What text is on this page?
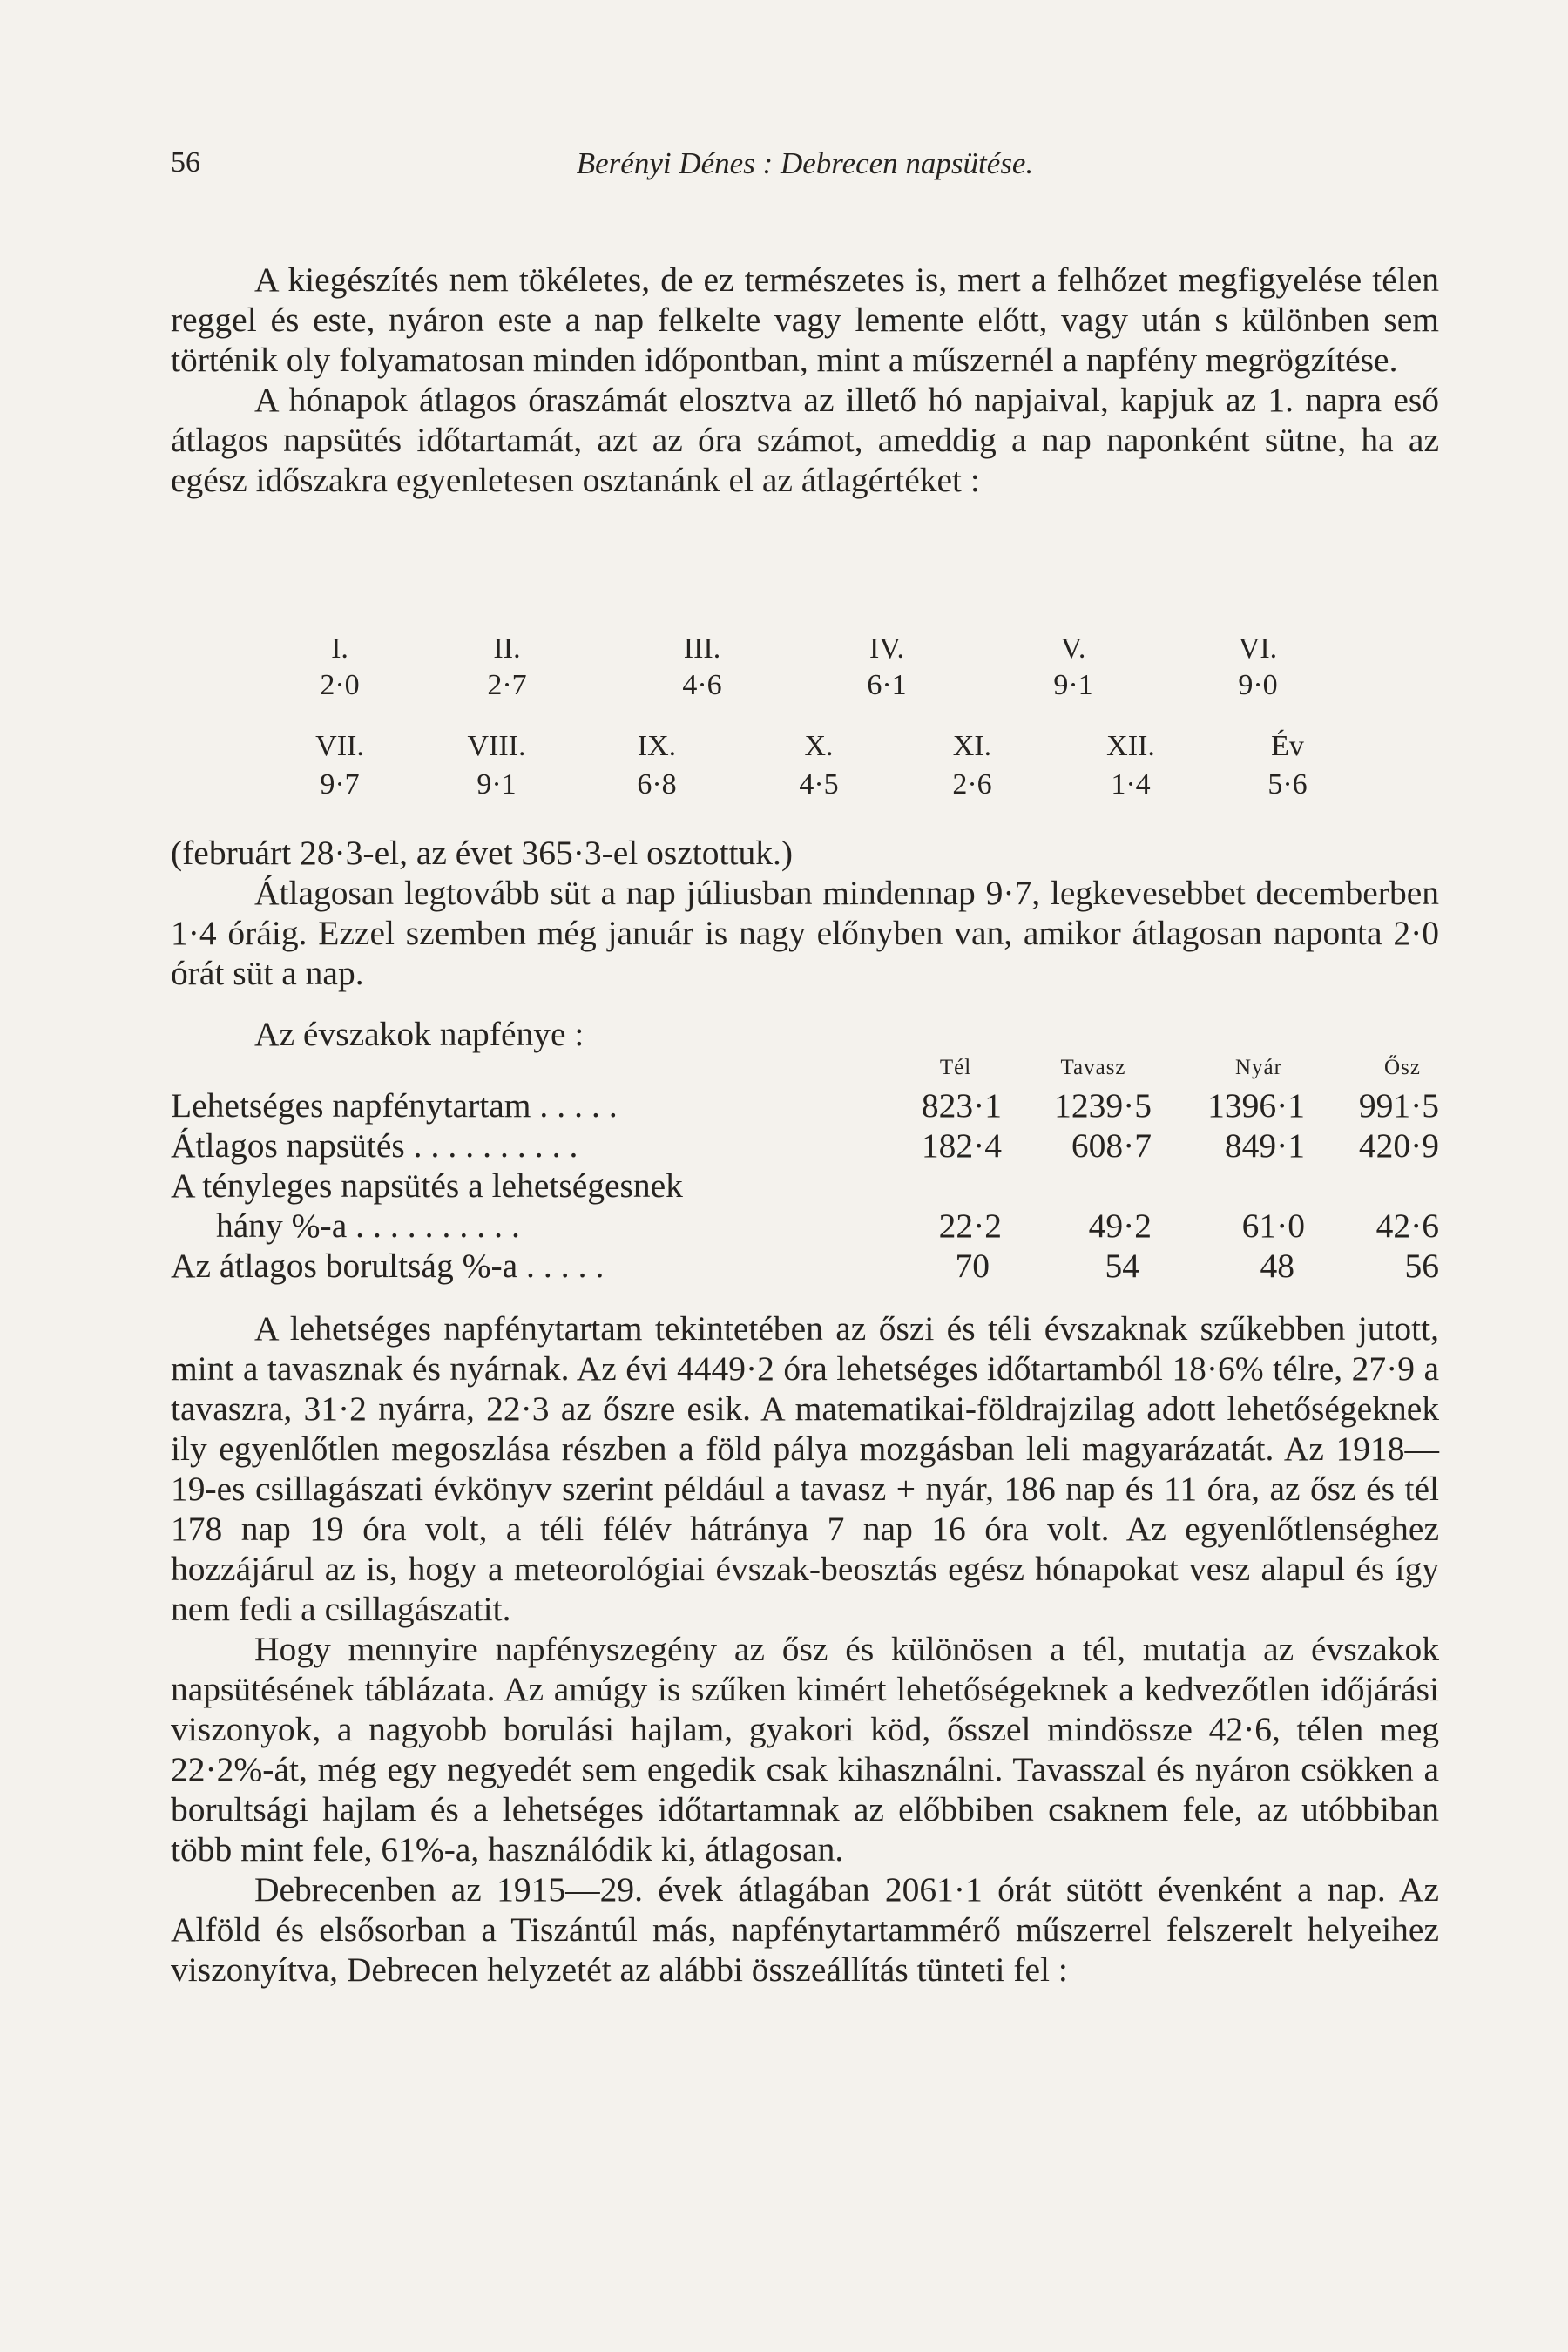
56	Berényi Dénes : Debrecen napsütése.

A kiegészítés nem tökéletes, de ez természetes is, mert a felhőzet megfigyelése télen reggel és este, nyáron este a nap felkelte vagy lemente előtt, vagy után s különben sem történik oly folyamatosan minden időpontban, mint a műszernél a napfény megrögzítése.

A hónapok átlagos óraszámát elosztva az illető hó napjaival, kapjuk az 1. napra eső átlagos napsütés időtartamát, azt az óra számot, ameddig a nap naponként sütne, ha az egész időszakra egyenletesen osztanánk el az átlagértéket :

I.	II.	III.	IV.	V.	VI.
2·0	2·7	4·6	6·1	9·1	9·0
VII.	VIII.	IX.	X.	XI.	XII.	Év
9·7	9·1	6·8	4·5	2·6	1·4	5·6

(februárt 28·3-el, az évet 365·3-el osztottuk.)

Átlagosan legtovább süt a nap júliusban mindennap 9·7, legkevesebbet decemberben 1·4 óráig. Ezzel szemben még január is nagy előnyben van, amikor átlagosan naponta 2·0 órát süt a nap.

Az évszakok napfénye :
Tél	Tavasz	Nyár	Ősz
Lehetséges napfénytartam .....	823·1 1239·5 1396·1 991·5
Átlagos napsütés ..........	182·4 608·7 849·1 420·9
A tényleges napsütés a lehetségesnek
hány %-a ..........	22·2	49·2	61·0 42·6
Az átlagos borultság %-a .....	70	54	48	56

A lehetséges napfénytartam tekintetében az őszi és téli évszaknak szűkebben jutott, mint a tavasznak és nyárnak. Az évi 4449·2 óra lehetséges időtartamból 18·6% télre, 27·9 a tavaszra, 31·2 nyárra, 22·3 az őszre esik. A matematikai-földrajzilag adott lehetőségeknek ily egyenlőtlen megoszlása részben a föld pálya mozgásban leli magyarázatát. Az 1918—19-es csillagászati évkönyv szerint például a tavasz + nyár, 186 nap és 11 óra, az ősz és tél 178 nap 19 óra volt, a téli félév hátránya 7 nap 16 óra volt. Az egyenlőtlenséghez hozzájárul az is, hogy a meteorológiai évszak-beosztás egész hónapokat vesz alapul és így nem fedi a csillagászatit.

Hogy mennyire napfényszegény az ősz és különösen a tél, mutatja az évszakok napsütésének táblázata. Az amúgy is szűken kimért lehetőségeknek a kedvezőtlen időjárási viszonyok, a nagyobb borulási hajlam, gyakori köd, ősszel mindössze 42·6, télen meg 22·2%-át, még egy negyedét sem engedik csak kihasználni. Tavasszal és nyáron csökken a borultsági hajlam és a lehetséges időtartamnak az előbbiben csaknem fele, az utóbbiban több mint fele, 61%-a, használódik ki, átlagosan.

Debrecenben az 1915—29. évek átlagában 2061·1 órát sütött évenként a nap. Az Alföld és elsősorban a Tiszántúl más, napfénytartammérő műszerrel felszerelt helyeihez viszonyítva, Debrecen helyzetét az alábbi összeállítás tünteti fel :
